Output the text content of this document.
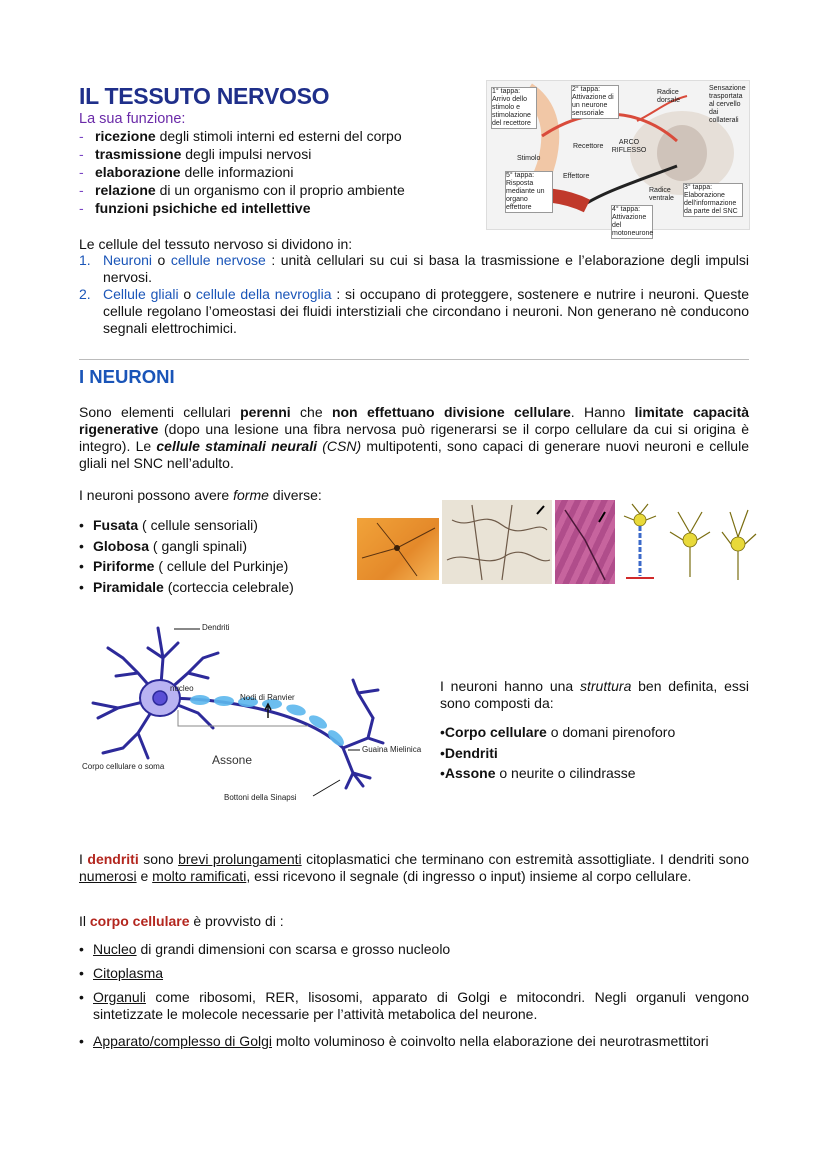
IL TESSUTO NERVOSO
La sua funzione:
- ricezione degli stimoli interni ed esterni del corpo
- trasmissione degli impulsi nervosi
- elaborazione delle informazioni
- relazione di un organismo con il proprio ambiente
- funzioni psichiche ed intellettive
1° tappa: Arrivo dello stimolo e stimolazione del recettore
2° tappa: Attivazione di un neurone sensoriale
Radice dorsale
Sensazione trasportata al cervello dai collaterali
ARCO RIFLESSO
Recettore
Stimolo
Effettore
5° tappa: Risposta mediante un organo effettore
Radice ventrale
3° tappa: Elaborazione dell'informazione da parte del SNC
4° tappa: Attivazione del motoneurone

Le cellule del tessuto nervoso si dividono in:

1. Neuroni o cellule nervose : unità cellulari su cui si basa la trasmissione e l’elaborazione degli impulsi nervosi.
2. Cellule gliali o cellule della nevroglia : si occupano di proteggere, sostenere e nutrire i neuroni. Queste cellule regolano l’omeostasi dei fluidi interstiziali che circondano i neuroni. Non generano nè conducono segnali elettrochimici.
I NEURONI

Sono elementi cellulari perenni che non effettuano divisione cellulare. Hanno limitate capacità rigenerative (dopo una lesione una fibra nervosa può rigenerarsi se il corpo cellulare da cui si origina è integro). Le cellule staminali neurali (CSN) multipotenti, sono capaci di generare nuovi neuroni e cellule gliali nel SNC nell’adulto.

I neuroni possono avere forme diverse:

• Fusata ( cellule sensoriali)
• Globosa ( gangli spinali)
• Piriforme ( cellule del Purkinje)
• Piramidale (corteccia celebrale)
Dendriti
nucleo
Nodi di Ranvier
Assone
Guaina Mielinica
Corpo cellulare o soma
Bottoni della Sinapsi

I neuroni hanno una struttura ben definita, essi sono composti da:

•Corpo cellulare o domani pirenoforo
•Dendriti
•Assone o neurite o cilindrasse

I dendriti sono brevi prolungamenti citoplasmatici che terminano con estremità assottigliate. I dendriti sono numerosi e molto ramificati, essi ricevono il segnale (di ingresso o input) insieme al corpo cellulare.

Il corpo cellulare è provvisto di :

• Nucleo di grandi dimensioni con scarsa e grosso nucleolo
• Citoplasma
• Organuli come ribosomi, RER, lisosomi, apparato di Golgi e mitocondri. Negli organuli vengono sintetizzate le molecole necessarie per l’attività metabolica del neurone.
• Apparato/complesso di Golgi molto voluminoso è coinvolto nella elaborazione dei neurotrasmettitori
